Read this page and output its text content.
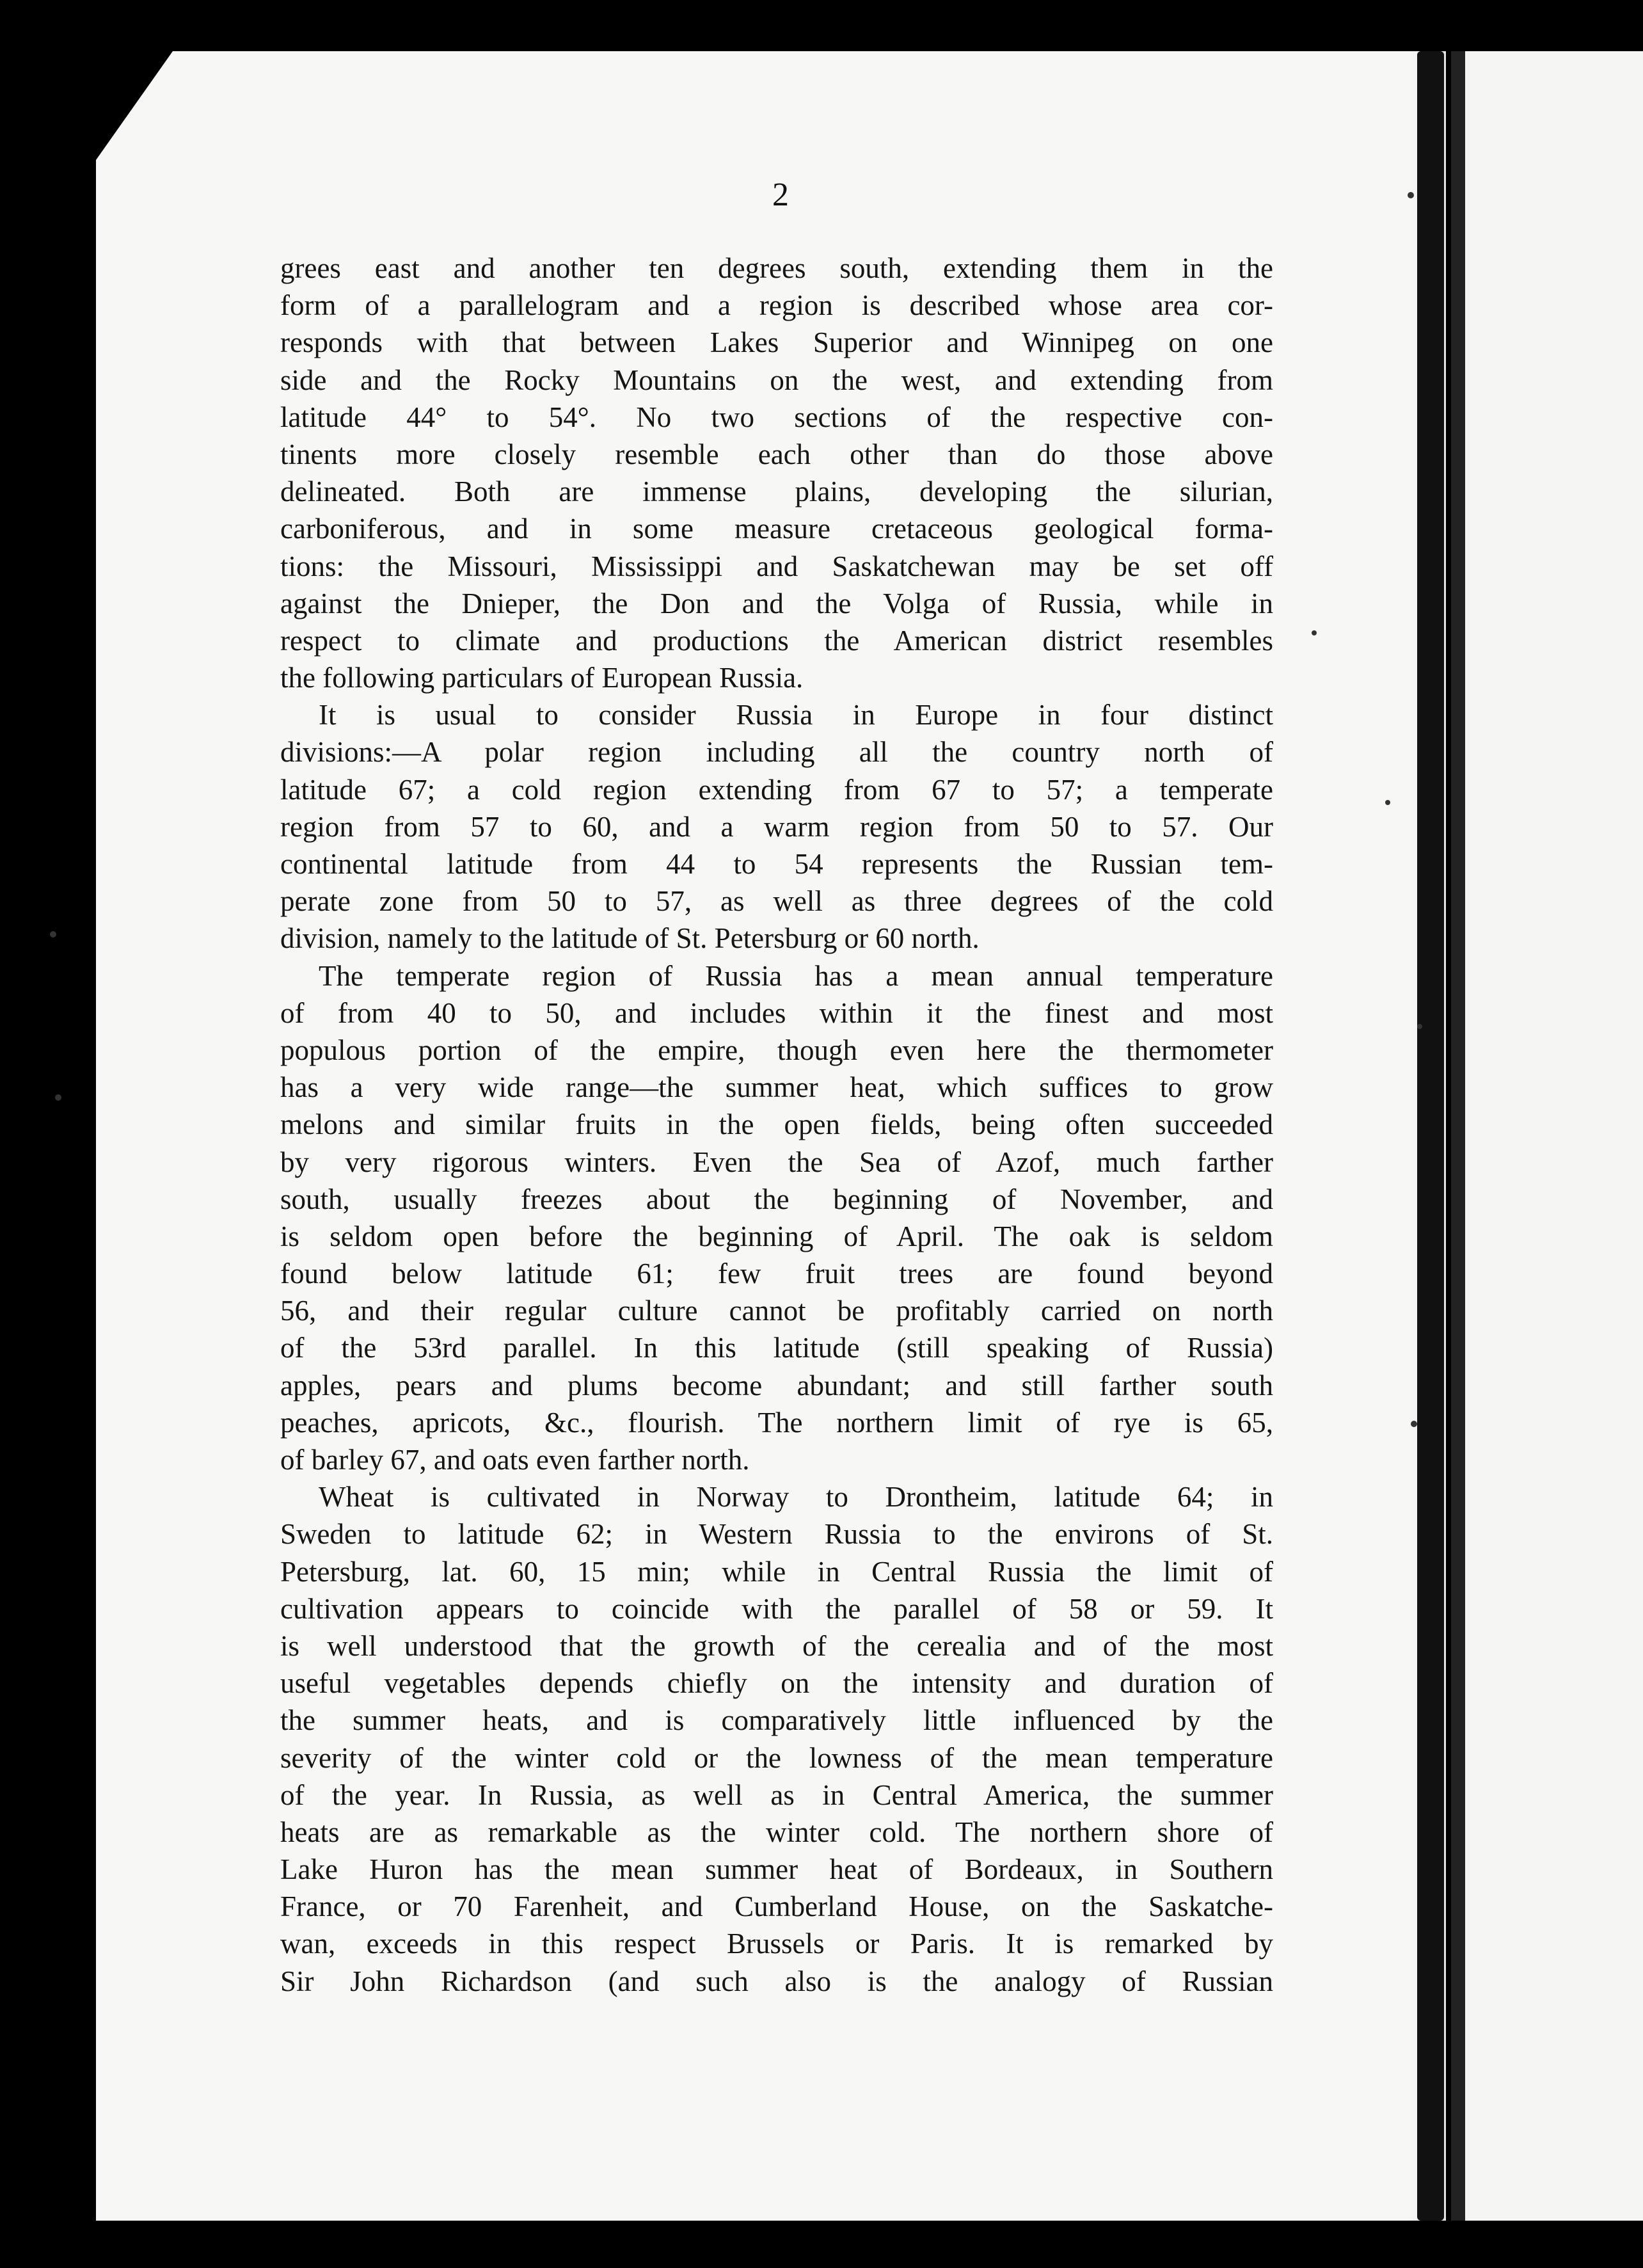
2
grees east and another ten degrees south, extending them in the
form of a parallelogram and a region is described whose area cor-
responds with that between Lakes Superior and Winnipeg on one
side and the Rocky Mountains on the west, and extending from
latitude 44° to 54°. No two sections of the respective con-
tinents more closely resemble each other than do those above
delineated. Both are immense plains, developing the silurian,
carboniferous, and in some measure cretaceous geological forma-
tions: the Missouri, Mississippi and Saskatchewan may be set off
against the Dnieper, the Don and the Volga of Russia, while in
respect to climate and productions the American district resembles
the following particulars of European Russia.
It is usual to consider Russia in Europe in four distinct
divisions:—A polar region including all the country north of
latitude 67; a cold region extending from 67 to 57; a temperate
region from 57 to 60, and a warm region from 50 to 57. Our
continental latitude from 44 to 54 represents the Russian tem-
perate zone from 50 to 57, as well as three degrees of the cold
division, namely to the latitude of St. Petersburg or 60 north.
The temperate region of Russia has a mean annual temperature
of from 40 to 50, and includes within it the finest and most
populous portion of the empire, though even here the thermometer
has a very wide range—the summer heat, which suffices to grow
melons and similar fruits in the open fields, being often succeeded
by very rigorous winters. Even the Sea of Azof, much farther
south, usually freezes about the beginning of November, and
is seldom open before the beginning of April. The oak is seldom
found below latitude 61; few fruit trees are found beyond
56, and their regular culture cannot be profitably carried on north
of the 53rd parallel. In this latitude (still speaking of Russia)
apples, pears and plums become abundant; and still farther south
peaches, apricots, &c., flourish. The northern limit of rye is 65,
of barley 67, and oats even farther north.
Wheat is cultivated in Norway to Drontheim, latitude 64; in
Sweden to latitude 62; in Western Russia to the environs of St.
Petersburg, lat. 60, 15 min; while in Central Russia the limit of
cultivation appears to coincide with the parallel of 58 or 59. It
is well understood that the growth of the cerealia and of the most
useful vegetables depends chiefly on the intensity and duration of
the summer heats, and is comparatively little influenced by the
severity of the winter cold or the lowness of the mean temperature
of the year. In Russia, as well as in Central America, the summer
heats are as remarkable as the winter cold. The northern shore of
Lake Huron has the mean summer heat of Bordeaux, in Southern
France, or 70 Farenheit, and Cumberland House, on the Saskatche-
wan, exceeds in this respect Brussels or Paris. It is remarked by
Sir John Richardson (and such also is the analogy of Russian
